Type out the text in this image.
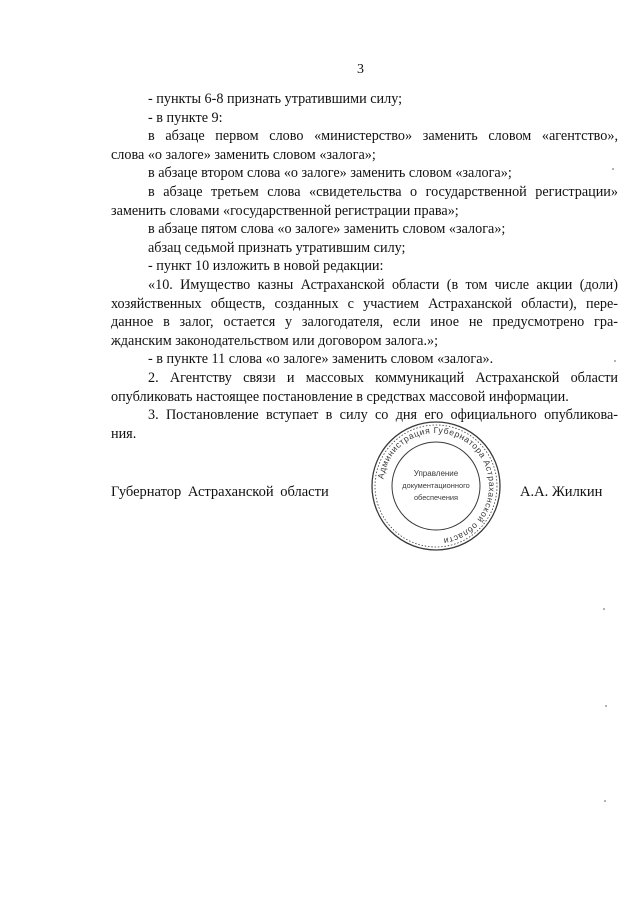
3

- пункты 6-8 признать утратившими силу;

- в пункте 9:

в абзаце первом слово «министерство» заменить словом «агентство»,

слова «о залоге» заменить словом «залога»;

в абзаце втором слова «о залоге» заменить словом «залога»;

в абзаце третьем слова «свидетельства о государственной регистрации»

заменить словами «государственной регистрации права»;

в абзаце пятом слова «о залоге» заменить словом «залога»;

абзац седьмой признать утратившим силу;

- пункт 10 изложить в новой редакции:

«10. Имущество казны Астраханской области (в том числе акции (доли)

хозяйственных обществ, созданных с участием Астраханской области), пере-

данное в залог, остается у залогодателя, если иное не предусмотрено гра-

жданским законодательством или договором залога.»;

- в пункте 11 слова «о залоге» заменить словом «залога».

2. Агентству связи и массовых коммуникаций Астраханской области

опубликовать настоящее постановление в средствах массовой информации.

3. Постановление вступает в силу со дня его официального опубликова-

ния.

Губернатор Астраханской области	А.А. Жилкин
Администрация Губернатора Астраханской области
Управление
документационного
обеспечения
